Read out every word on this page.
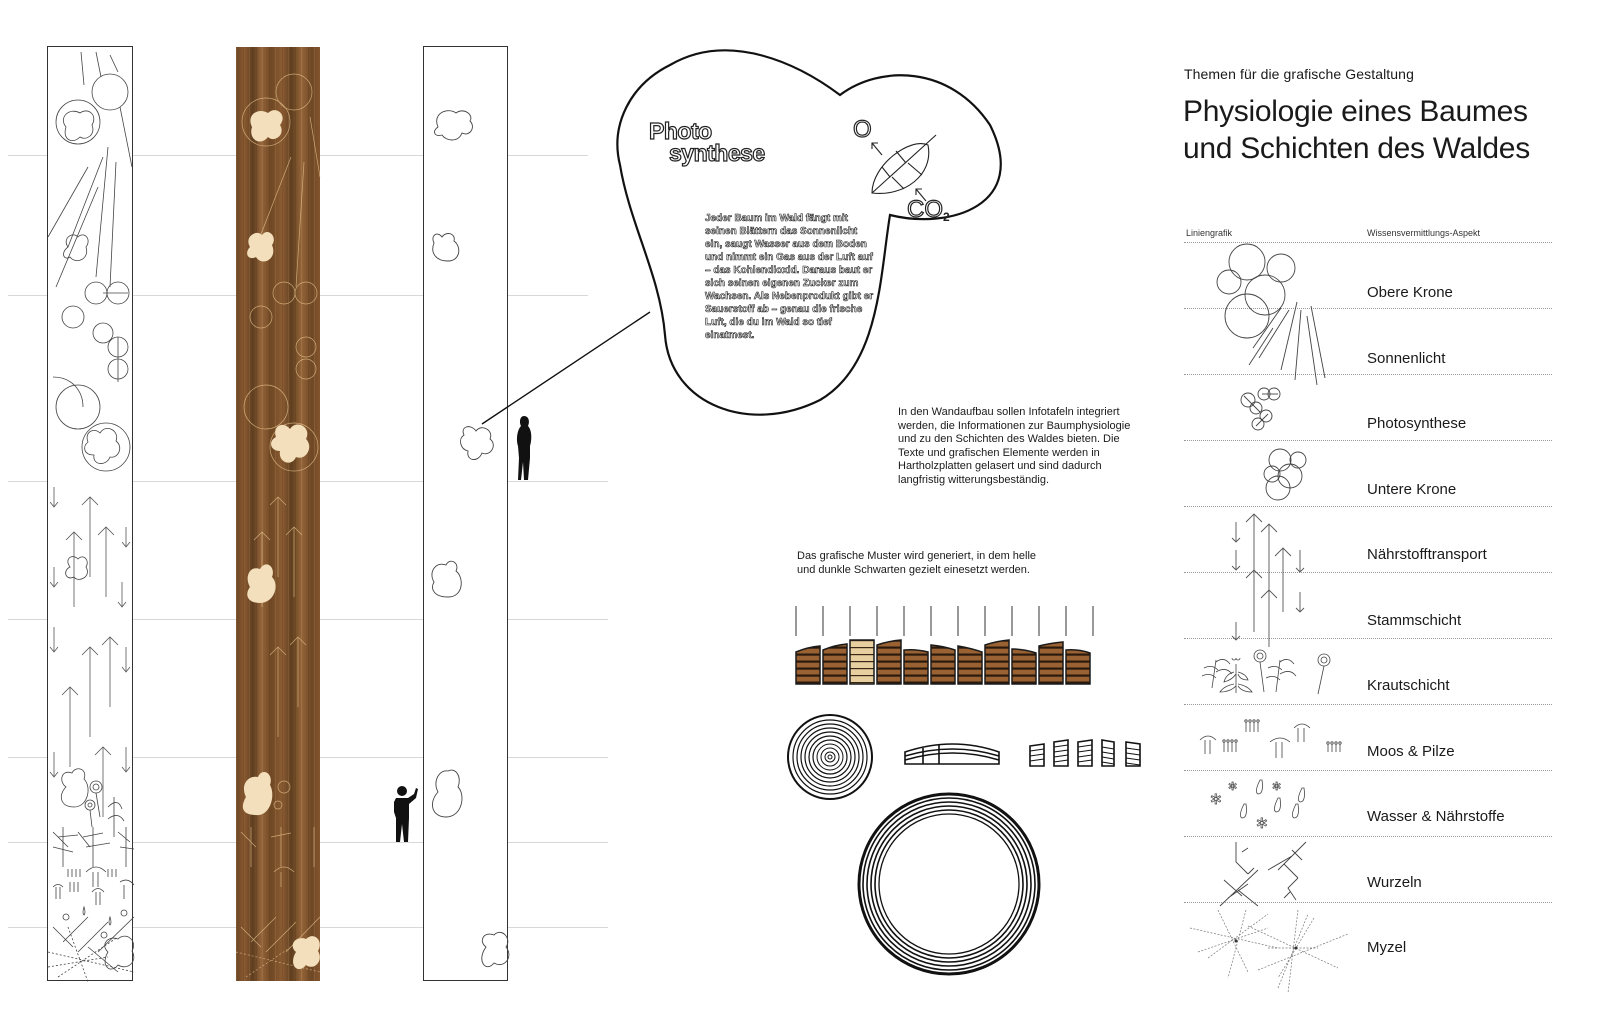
Photo
synthese
O
CO2
Jeder Baum im Wald fängt mit seinen Blättern das Sonnenlicht ein, saugt Wasser aus dem Boden und nimmt ein Gas aus der Luft auf – das Kohlendioxid. Daraus baut er sich seinen eigenen Zucker zum Wachsen. Als Nebenprodukt gibt er Sauerstoff ab – genau die frische Luft, die du im Wald so tief einatmest.
In den Wandaufbau sollen Infotafeln integriert werden, die Informationen zur Baumphysiologie und zu den Schichten des Waldes bieten. Die Texte und grafischen Elemente werden in Hartholzplatten gelasert und sind dadurch langfristig witterungsbeständig.
Das grafische Muster wird generiert, in dem helle und dunkle Schwarten gezielt einesetzt werden.
Themen für die grafische Gestaltung
Physiologie eines Baumes
und Schichten des Waldes
Liniengrafik	Wissensvermittlungs-Aspekt
Obere Krone
Sonnenlicht
Photosynthese
Untere Krone
Nährstofftransport
Stammschicht
Krautschicht
Moos & Pilze
Wasser & Nährstoffe
Wurzeln
Myzel
✲
✲	✲
✲
